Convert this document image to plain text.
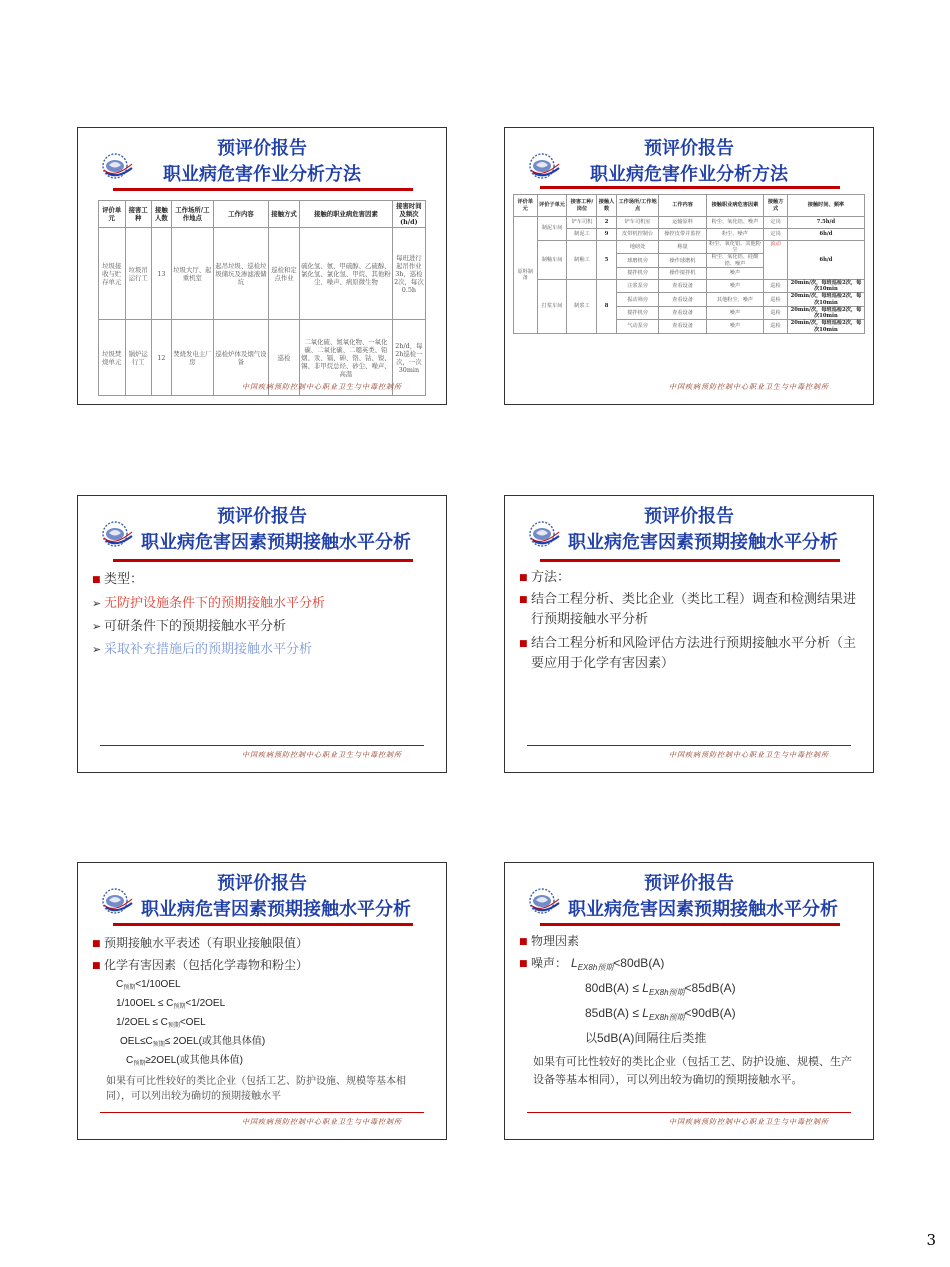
预评价报告
职业病危害作业分析方法
评价单元	接害工种	接触人数	工作场所/工作地点	工作内容	接触方式	接触的职业病危害因素	接害时间及频次(h/d)
垃圾接收与贮存单元	垃圾吊运行工	13	垃圾大厅、起重机室	起吊垃圾、巡检垃圾储坑及渗滤液储坑	巡检和定点作业	硫化氢、氨、甲硫醇、乙硫醇、氯化氢、氯化氢、甲烷、其他粉尘、噪声、病原微生物	每班进行起吊作业3h，巡检2次，每次0.5h
垃圾焚烧单元	锅炉运行工	12	焚烧发电主厂房	巡检炉体及烟气设备	巡检	二氧化硫、氮氧化物、一氧化碳、二氧化碳、二噁英类、铅烟、汞、镉、砷、铬、钴、镍、锡、非甲烷总烃、砂尘、噪声、高温	2h/d，每2h巡检一次，一次30min
中国疾病预防控制中心职业卫生与中毒控制所
预评价报告
职业病危害作业分析方法
评价单元	评价子单元	接害工种/岗位	接触人数	工作场所/工作地点	工作内容	接触职业病危害因素	接触方式	接触时间、频率
原料制备	制泥车间	铲车司机	2	铲车司机室	运输原料	粉尘、氧化铝、噪声	定岗	7.5h/d
		制泥工	9	皮带机控制台	操控皮带并监控	粉尘、噪声	定岗	6h/d
	制釉车间	制釉工	5	地磅处	称量	粉尘、氧化铝、其他粉尘	流动	6h/d
				球磨机旁	操作球磨机	粉尘、氧化铝、硅酸锆、噪声		
				搅拌机旁	操作搅拌机	噪声		
	打浆车间	制浆工	8	注浆泵旁	查看设备	噪声	巡检	20min/次，每班巡检2次，每次10min
				振动筛旁	查看设备	其他粉尘、噪声	巡检	20min/次，每班巡检2次，每次10min
				搅拌机旁	查看设备	噪声	巡检	20min/次，每班巡检2次，每次10min
				气动泵旁	查看设备	噪声	巡检	20min/次，每班巡检2次，每次10min
中国疾病预防控制中心职业卫生与中毒控制所
预评价报告
职业病危害因素预期接触水平分析
■ 类型：
➢ 无防护设施条件下的预期接触水平分析
➢ 可研条件下的预期接触水平分析
➢ 采取补充措施后的预期接触水平分析
中国疾病预防控制中心职业卫生与中毒控制所
预评价报告
职业病危害因素预期接触水平分析
■ 方法：
■ 结合工程分析、类比企业（类比工程）调查和检测结果进行预期接触水平分析
■ 结合工程分析和风险评估方法进行预期接触水平分析（主要应用于化学有害因素）
中国疾病预防控制中心职业卫生与中毒控制所
预评价报告
职业病危害因素预期接触水平分析
■ 预期接触水平表述（有职业接触限值）
■ 化学有害因素（包括化学毒物和粉尘）
$C_{预期}<1/10OEL$
$1/10OEL \le C_{预期}<1/2OEL$
$1/2OEL \le C_{预期}<OEL$
$OEL\le C_{预期}\le 2OEL$(或其他具体值)
$C_{预期}\ge 2OEL$(或其他具体值)
如果有可比性较好的类比企业（包括工艺、防护设施、规模等基本相同），可以列出较为确切的预期接触水平
中国疾病预防控制中心职业卫生与中毒控制所
预评价报告
职业病危害因素预期接触水平分析
■ 物理因素
■ 噪声： $L_{EX8h预期}<80dB(A)$
$80dB(A) \le L_{EX8h预期}<85dB(A)$
$85dB(A) \le L_{EX8h预期}<90dB(A)$
以5dB(A)间隔往后类推
如果有可比性较好的类比企业（包括工艺、防护设施、规模、生产设备等基本相同），可以列出较为确切的预期接触水平。
中国疾病预防控制中心职业卫生与中毒控制所
3
